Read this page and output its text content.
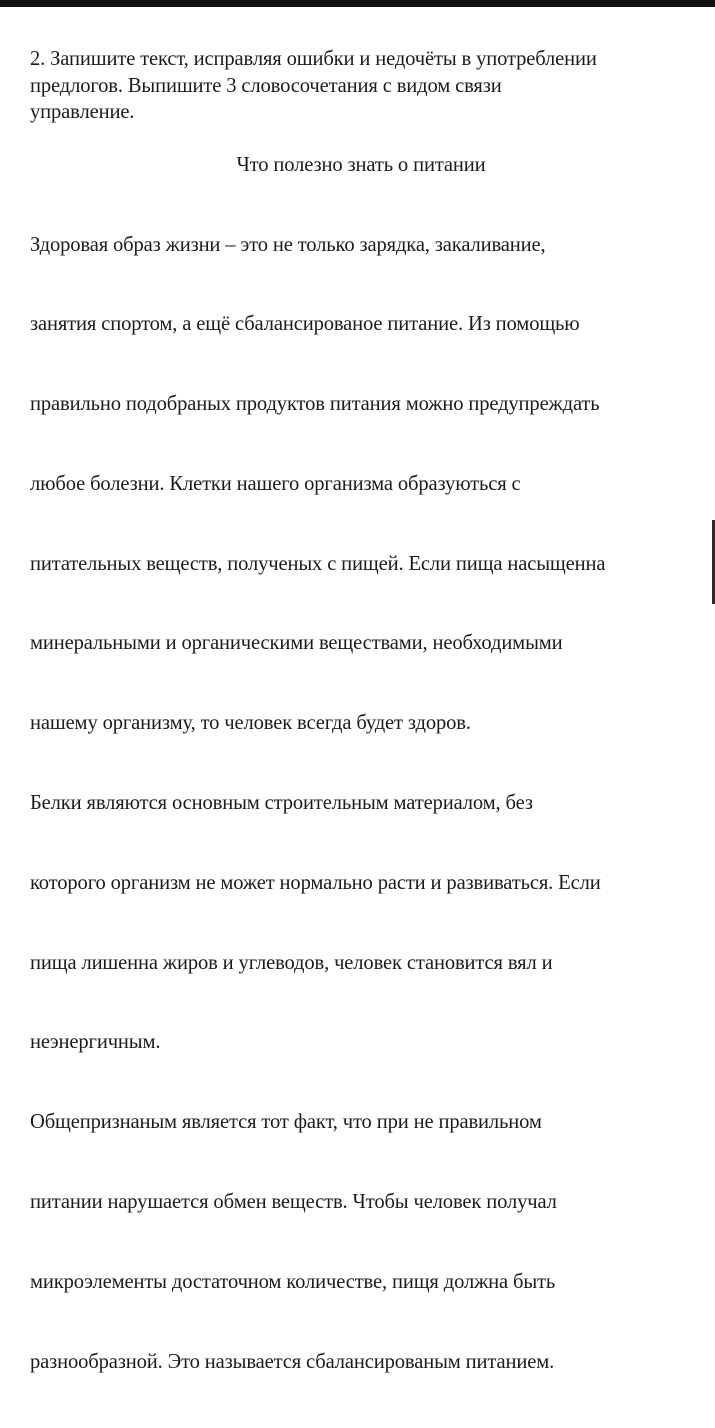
2. Запишите текст, исправляя ошибки и недочёты в употреблении
предлогов. Выпишите 3 словосочетания с видом связи
управление.
Что полезно знать о питании

Здоровая образ жизни – это не только зарядка, закаливание,

занятия спортом, а ещё сбалансированое питание. Из помощью

правильно подобраных продуктов питания можно предупреждать

любое болезни. Клетки нашего организма образуються с

питательных веществ, полученых с пищей. Если пища насыщенна

минеральными и органическими веществами, необходимыми

нашему организму, то человек всегда будет здоров.

Белки являются основным строительным материалом, без

которого организм не может нормально расти и развиваться. Если

пища лишенна жиров и углеводов, человек становится вял и

неэнергичным.

Общепризнаным является тот факт, что при не правильном

питании нарушается обмен веществ. Чтобы человек получал

микроэлементы достаточном количестве, пищя должна быть

разнообразной. Это называется сбалансированым питанием.
